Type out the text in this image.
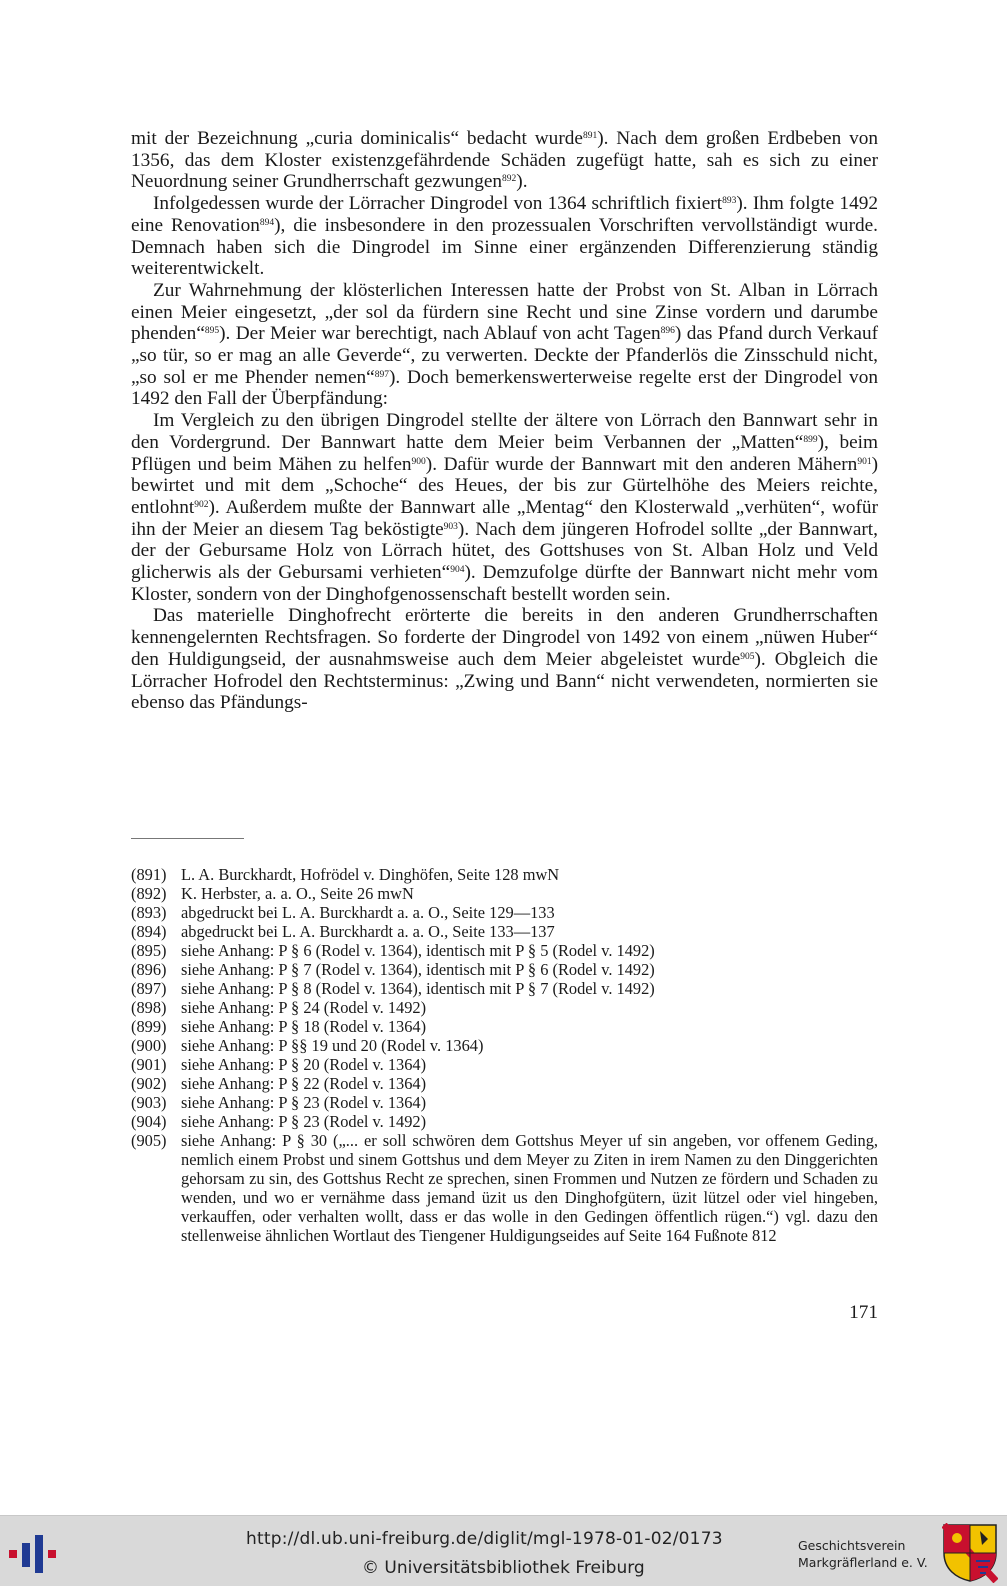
mit der Bezeichnung „curia dominicalis“ bedacht wurde$^{891}$). Nach dem großen Erdbeben von 1356, das dem Kloster existenzgefährdende Schäden zugefügt hatte, sah es sich zu einer Neuordnung seiner Grundherrschaft gezwungen$^{892}$).

Infolgedessen wurde der Lörracher Dingrodel von 1364 schriftlich fixiert$^{893}$). Ihm folgte 1492 eine Renovation$^{894}$), die insbesondere in den prozessualen Vorschriften vervollständigt wurde. Demnach haben sich die Dingrodel im Sinne einer ergänzenden Differenzierung ständig weiterentwickelt.

Zur Wahrnehmung der klösterlichen Interessen hatte der Probst von St. Alban in Lörrach einen Meier eingesetzt, „der sol da fürdern sine Recht und sine Zinse vordern und darumbe phenden“$^{895}$). Der Meier war berechtigt, nach Ablauf von acht Tagen$^{896}$) das Pfand durch Verkauf „so tür, so er mag an alle Geverde“, zu verwerten. Deckte der Pfanderlös die Zinsschuld nicht, „so sol er me Phender nemen“$^{897}$). Doch bemerkenswerterweise regelte erst der Dingrodel von 1492 den Fall der Überpfändung:

Im Vergleich zu den übrigen Dingrodel stellte der ältere von Lörrach den Bannwart sehr in den Vordergrund. Der Bannwart hatte dem Meier beim Verbannen der „Matten“$^{899}$), beim Pflügen und beim Mähen zu helfen$^{900}$). Dafür wurde der Bannwart mit den anderen Mähern$^{901}$) bewirtet und mit dem „Schoche“ des Heues, der bis zur Gürtelhöhe des Meiers reichte, entlohnt$^{902}$). Außerdem mußte der Bannwart alle „Mentag“ den Klosterwald „verhüten“, wofür ihn der Meier an diesem Tag beköstigte$^{903}$). Nach dem jüngeren Hofrodel sollte „der Bannwart, der der Gebursame Holz von Lörrach hütet, des Gottshuses von St. Alban Holz und Veld glicherwis als der Gebursami verhieten“$^{904}$). Demzufolge dürfte der Bannwart nicht mehr vom Kloster, sondern von der Dinghofgenossenschaft bestellt worden sein.

Das materielle Dinghofrecht erörterte die bereits in den anderen Grundherrschaften kennengelernten Rechtsfragen. So forderte der Dingrodel von 1492 von einem „nüwen Huber“ den Huldigungseid, der ausnahmsweise auch dem Meier abgeleistet wurde$^{905}$). Obgleich die Lörracher Hofrodel den Rechtsterminus: „Zwing und Bann“ nicht verwendeten, normierten sie ebenso das Pfändungs-

(891) L. A. Burckhardt, Hofrödel v. Dinghöfen, Seite 128 mwN
(892) K. Herbster, a. a. O., Seite 26 mwN
(893) abgedruckt bei L. A. Burckhardt a. a. O., Seite 129—133
(894) abgedruckt bei L. A. Burckhardt a. a. O., Seite 133—137
(895) siehe Anhang: P § 6 (Rodel v. 1364), identisch mit P § 5 (Rodel v. 1492)
(896) siehe Anhang: P § 7 (Rodel v. 1364), identisch mit P § 6 (Rodel v. 1492)
(897) siehe Anhang: P § 8 (Rodel v. 1364), identisch mit P § 7 (Rodel v. 1492)
(898) siehe Anhang: P § 24 (Rodel v. 1492)
(899) siehe Anhang: P § 18 (Rodel v. 1364)
(900) siehe Anhang: P §§ 19 und 20 (Rodel v. 1364)
(901) siehe Anhang: P § 20 (Rodel v. 1364)
(902) siehe Anhang: P § 22 (Rodel v. 1364)
(903) siehe Anhang: P § 23 (Rodel v. 1364)
(904) siehe Anhang: P § 23 (Rodel v. 1492)
(905) siehe Anhang: P § 30 („... er soll schwören dem Gottshus Meyer uf sin angeben, vor offenem Geding, nemlich einem Probst und sinem Gottshus und dem Meyer zu Ziten in irem Namen zu den Dinggerichten gehorsam zu sin, des Gottshus Recht ze sprechen, sinen Frommen und Nutzen ze fördern und Schaden zu wenden, und wo er vernähme dass jemand üzit us den Dinghofgütern, üzit lützel oder viel hingeben, verkauffen, oder verhalten wollt, dass er das wolle in den Gedingen öffentlich rügen.“) vgl. dazu den stellenweise ähnlichen Wortlaut des Tiengener Huldigungseides auf Seite 164 Fußnote 812
171
http://dl.ub.uni-freiburg.de/diglit/mgl-1978-01-02/0173
© Universitätsbibliothek Freiburg
Geschichtsverein
Markgräflerland e. V.
